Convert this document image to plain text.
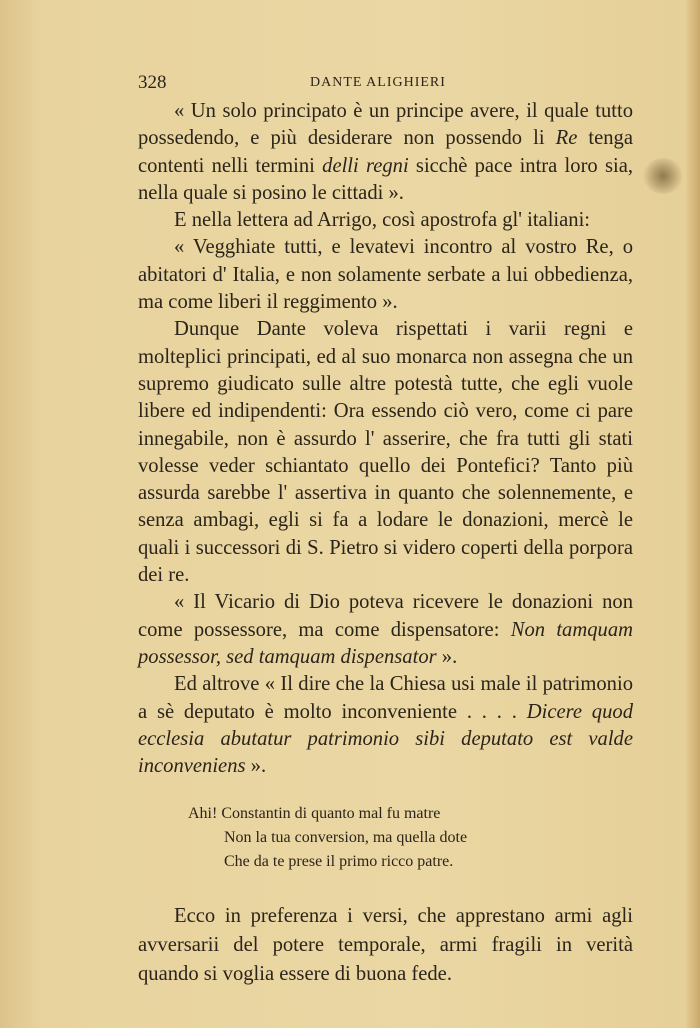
328	DANTE ALIGHIERI

« Un solo principato è un principe avere, il quale tutto possedendo, e più desiderare non possendo li Re tenga contenti nelli termini delli regni sicchè pace intra loro sia, nella quale si posino le cittadi ».

E nella lettera ad Arrigo, così apostrofa gl' italiani:

« Vegghiate tutti, e levatevi incontro al vostro Re, o abitatori d' Italia, e non solamente serbate a lui obbedienza, ma come liberi il reggimento ».

Dunque Dante voleva rispettati i varii regni e molteplici principati, ed al suo monarca non assegna che un supremo giudicato sulle altre potestà tutte, che egli vuole libere ed indipendenti: Ora essendo ciò vero, come ci pare innegabile, non è assurdo l' asserire, che fra tutti gli stati volesse veder schiantato quello dei Pontefici? Tanto più assurda sarebbe l' assertiva in quanto che solennemente, e senza ambagi, egli si fa a lodare le donazioni, mercè le quali i successori di S. Pietro si videro coperti della porpora dei re.

« Il Vicario di Dio poteva ricevere le donazioni non come possessore, ma come dispensatore: Non tamquam possessor, sed tamquam dispensator ».

Ed altrove « Il dire che la Chiesa usi male il patrimonio a sè deputato è molto inconveniente . . . . Dicere quod ecclesia abutatur patrimonio sibi deputato est valde inconveniens ».

Ahi! Constantin di quanto mal fu matre
Non la tua conversion, ma quella dote
Che da te prese il primo ricco patre.

Ecco in preferenza i versi, che apprestano armi agli avversarii del potere temporale, armi fragili in verità quando si voglia essere di buona fede.
